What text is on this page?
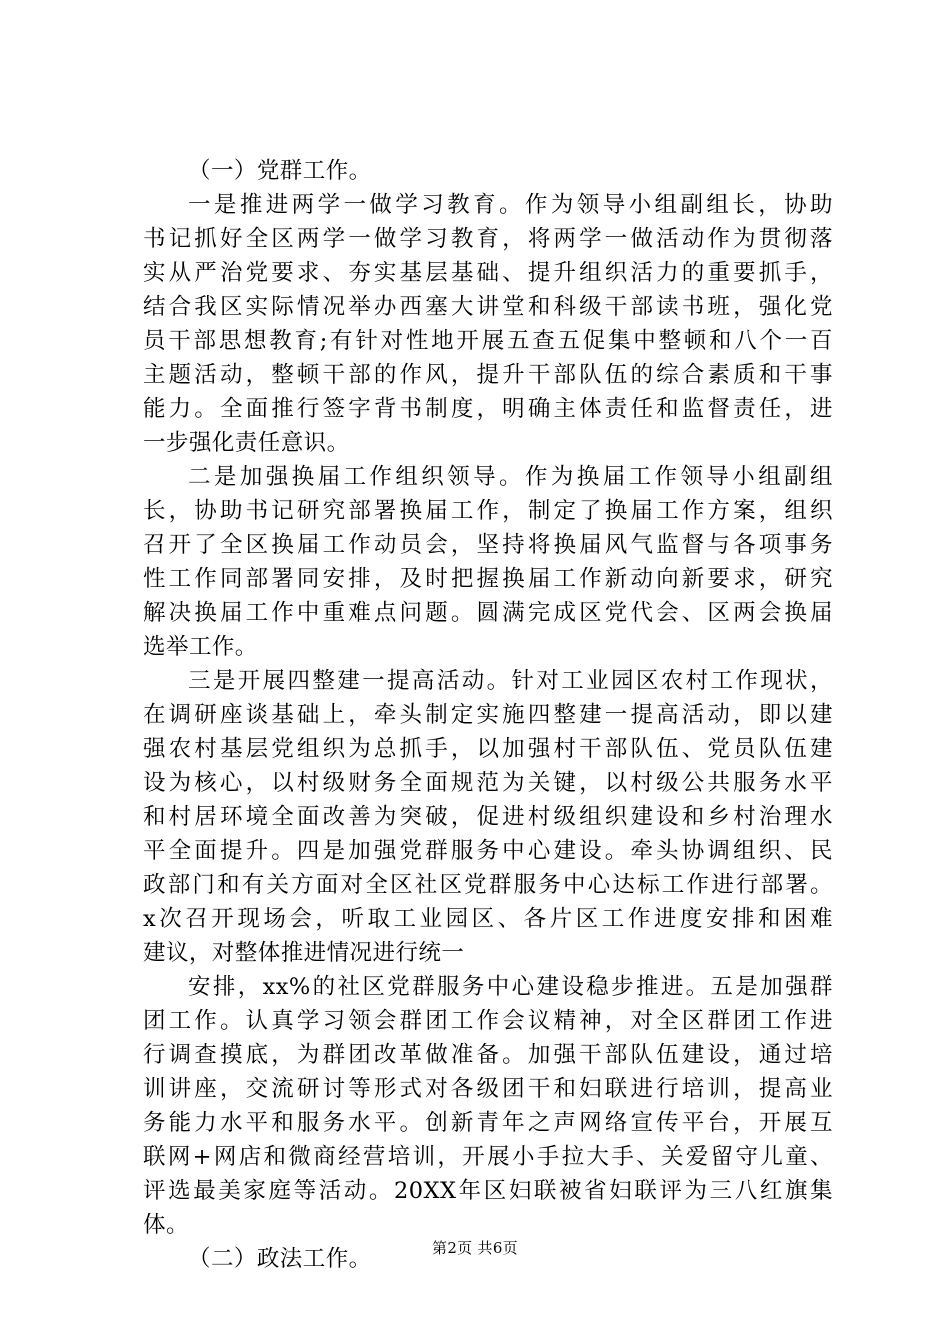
（一）党群工作。
一是推进两学一做学习教育。作为领导小组副组长，协助
书记抓好全区两学一做学习教育，将两学一做活动作为贯彻落
实从严治党要求、夯实基层基础、提升组织活力的重要抓手，
结合我区实际情况举办西塞大讲堂和科级干部读书班，强化党
员干部思想教育;有针对性地开展五查五促集中整顿和八个一百
主题活动，整顿干部的作风，提升干部队伍的综合素质和干事
能力。全面推行签字背书制度，明确主体责任和监督责任，进
一步强化责任意识。
二是加强换届工作组织领导。作为换届工作领导小组副组
长，协助书记研究部署换届工作，制定了换届工作方案，组织
召开了全区换届工作动员会，坚持将换届风气监督与各项事务
性工作同部署同安排，及时把握换届工作新动向新要求，研究
解决换届工作中重难点问题。圆满完成区党代会、区两会换届
选举工作。
三是开展四整建一提高活动。针对工业园区农村工作现状，
在调研座谈基础上，牵头制定实施四整建一提高活动，即以建
强农村基层党组织为总抓手，以加强村干部队伍、党员队伍建
设为核心，以村级财务全面规范为关键，以村级公共服务水平
和村居环境全面改善为突破，促进村级组织建设和乡村治理水
平全面提升。四是加强党群服务中心建设。牵头协调组织、民
政部门和有关方面对全区社区党群服务中心达标工作进行部署。
x次召开现场会，听取工业园区、各片区工作进度安排和困难
建议，对整体推进情况进行统一
安排，xx%的社区党群服务中心建设稳步推进。五是加强群
团工作。认真学习领会群团工作会议精神，对全区群团工作进
行调查摸底，为群团改革做准备。加强干部队伍建设，通过培
训讲座，交流研讨等形式对各级团干和妇联进行培训，提高业
务能力水平和服务水平。创新青年之声网络宣传平台，开展互
联网+网店和微商经营培训，开展小手拉大手、关爱留守儿童、
评选最美家庭等活动。20XX年区妇联被省妇联评为三八红旗集
体。
（二）政法工作。	第2页 共6页
